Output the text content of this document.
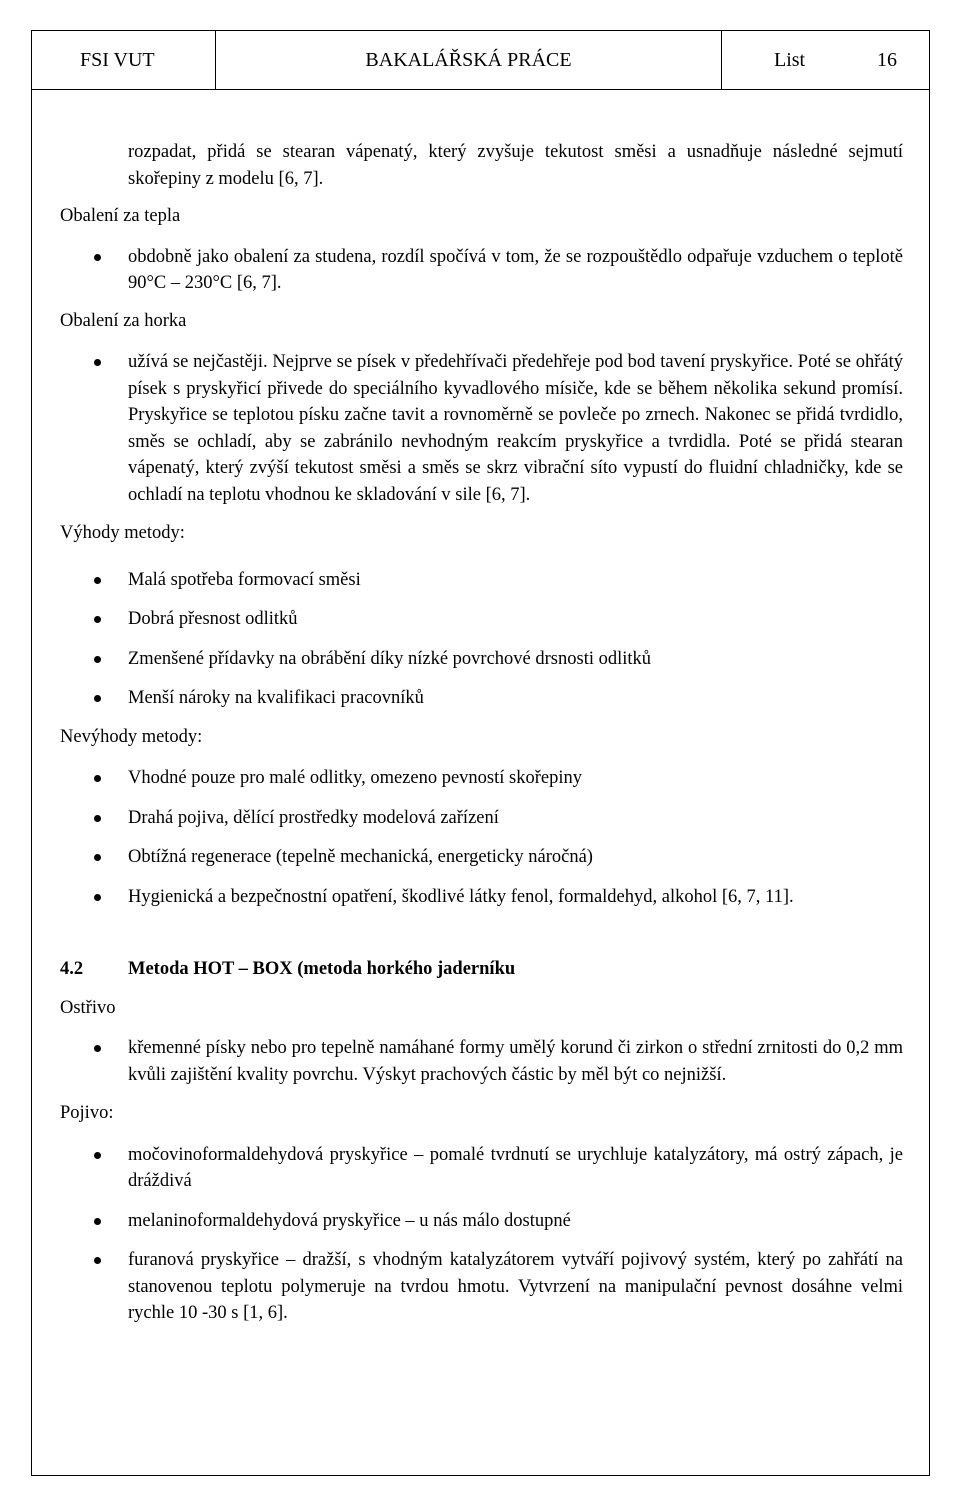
FSI VUT	BAKALÁŘSKÁ PRÁCE	List	16
rozpadat, přidá se stearan vápenatý, který zvyšuje tekutost směsi a usnadňuje následné sejmutí skořepiny z modelu [6, 7].
Obalení za tepla
obdobně jako obalení za studena, rozdíl spočívá v tom, že se rozpouštědlo odpařuje vzduchem o teplotě 90°C – 230°C [6, 7].
Obalení za horka
užívá se nejčastěji. Nejprve se písek v předehřívači předehřeje pod bod tavení pryskyřice. Poté se ohřátý písek s pryskyřicí přivede do speciálního kyvadlového mísiče, kde se během několika sekund promísí. Pryskyřice se teplotou písku začne tavit a rovnoměrně se povleče po zrnech. Nakonec se přidá tvrdidlo, směs se ochladí, aby se zabránilo nevhodným reakcím pryskyřice a tvrdidla. Poté se přidá stearan vápenatý, který zvýší tekutost směsi a směs se skrz vibrační síto vypustí do fluidní chladničky, kde se ochladí na teplotu vhodnou ke skladování v sile [6, 7].
Výhody metody:
Malá spotřeba formovací směsi
Dobrá přesnost odlitků
Zmenšené přídavky na obrábění díky nízké povrchové drsnosti odlitků
Menší nároky na kvalifikaci pracovníků
Nevýhody metody:
Vhodné pouze pro malé odlitky, omezeno pevností skořepiny
Drahá pojiva, dělící prostředky modelová zařízení
Obtížná regenerace (tepelně mechanická, energeticky náročná)
Hygienická a bezpečnostní opatření, škodlivé látky fenol, formaldehyd, alkohol [6, 7, 11].
4.2	Metoda HOT – BOX (metoda horkého jaderníku
Ostřivo
křemenné písky nebo pro tepelně namáhané formy umělý korund či zirkon o střední zrnitosti do 0,2 mm kvůli zajištění kvality povrchu. Výskyt prachových částic by měl být co nejnižší.
Pojivo:
močovinoformaldehydová pryskyřice – pomalé tvrdnutí se urychluje katalyzátory, má ostrý zápach, je dráždivá
melaninoformaldehydová pryskyřice – u nás málo dostupné
furanová pryskyřice – dražší, s vhodným katalyzátorem vytváří pojivový systém, který po zahřátí na stanovenou teplotu polymeruje na tvrdou hmotu. Vytvrzení na manipulační pevnost dosáhne velmi rychle 10 -30 s [1, 6].
